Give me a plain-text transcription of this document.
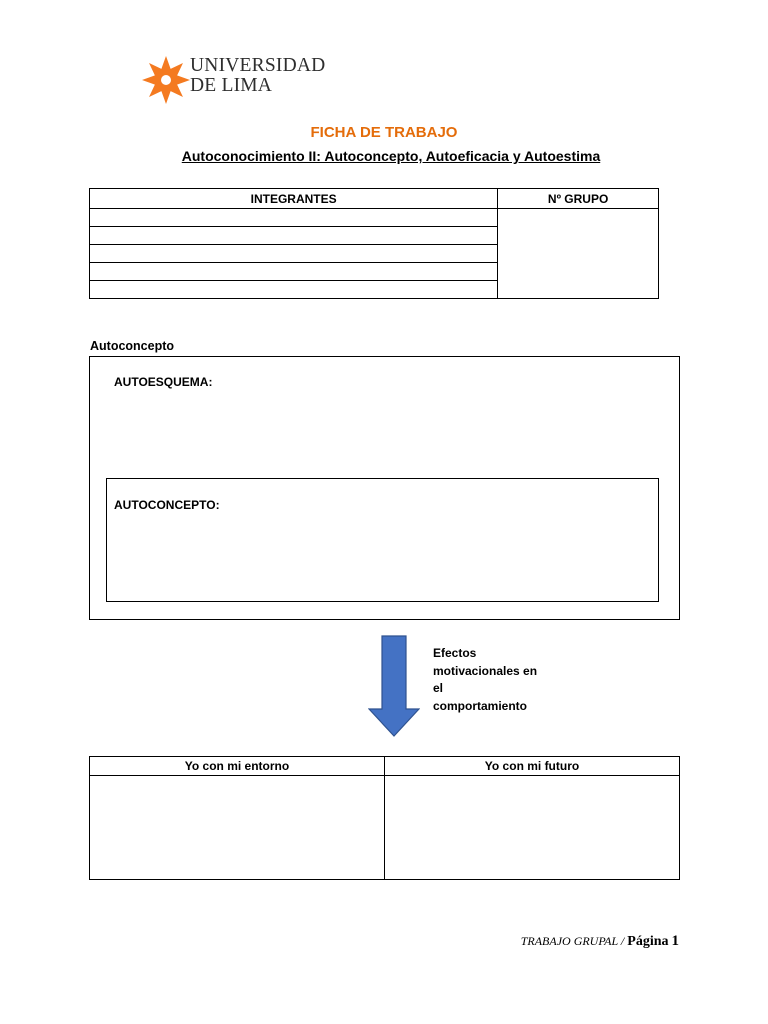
UNIVERSIDAD
DE LIMA
FICHA DE TRABAJO
Autoconocimiento II: Autoconcepto, Autoeficacia y Autoestima
INTEGRANTES	Nº GRUPO

Autoconcepto
AUTOESQUEMA:
AUTOCONCEPTO:
Efectos
motivacionales en
el
comportamiento
Yo con mi entorno	Yo con mi futuro

TRABAJO GRUPAL / Página 1
